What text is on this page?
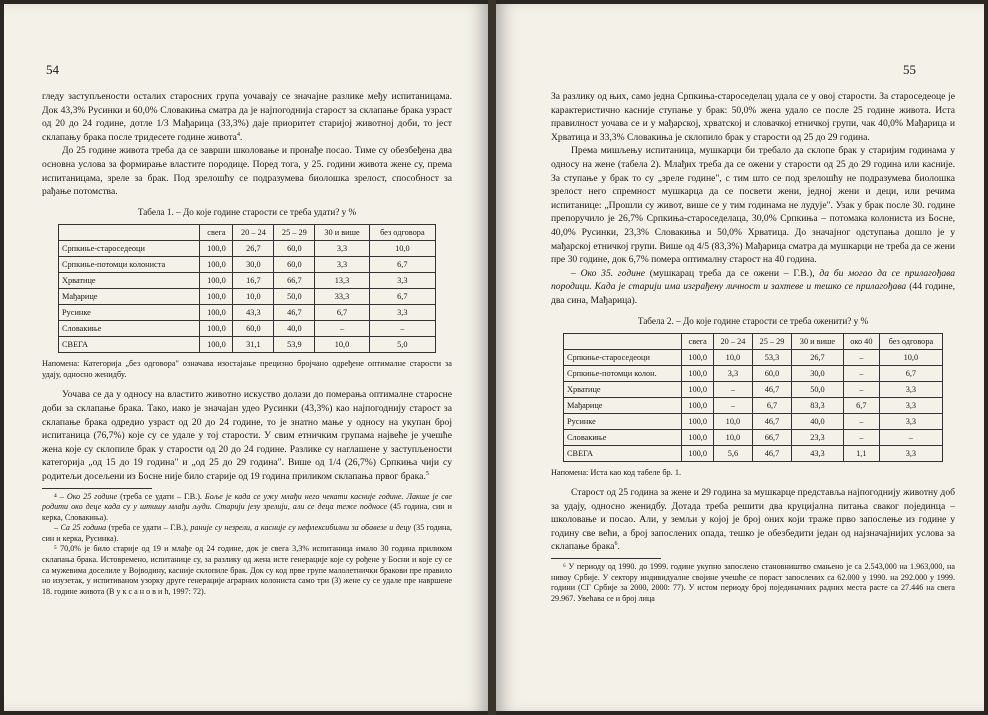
54

гледу заступљености осталих старосних група уочавају се значајне разлике међу испитаницама. Док 43,3% Русинки и 60,0% Словакиња сматра да је најпогоднија старост за склапање брака узраст од 20 до 24 године, дотле 1/3 Мађарица (33,3%) даје приоритет старијој животној доби, то јест склапању брака после тридесете године живота$^4$.

До 25 године живота треба да се заврши школовање и пронађе посао. Тиме су обезбеђена два основна услова за формирање властите породице. Поред тога, у 25. години живота жене су, према испитаницама, зреле за брак. Под зрелошћу се подразумева биолошка зрелост, способност за рађање потомства.

Табела 1. – До које године старости се треба удати? у %
	свега	20 – 24	25 – 29	30 и више	без одговора
Српкиње-староседеоци	100,0	26,7	60,0	3,3	10,0
Српкиње-потомци колониста	100,0	30,0	60,0	3,3	6,7
Хрватице	100,0	16,7	66,7	13,3	3,3
Мађарице	100,0	10,0	50,0	33,3	6,7
Русинке	100,0	43,3	46,7	6,7	3,3
Словакиње	100,0	60,0	40,0	–	–
СВЕГА	100,0	31,1	53,9	10,0	5,0
Напомена: Категорија „без одговора" означава изостајање прецизно бројчано одређене оптималне старости за удају, односно женидбу.

Уочава се да у односу на властито животно искуство долази до померања оптималне старосне доби за склапање брака. Тако, иако је значајан удео Русинки (43,3%) као најпогоднију старост за склапање брака одредио узраст од 20 до 24 године, то је знатно мање у односу на укупан број испитаница (76,7%) које су се удале у тој старости. У свим етничким групама највеће је учешће жена које су склопиле брак у старости од 20 до 24 године. Разлике су наглашене у заступљености категорија „од 15 до 19 година" и „од 25 до 29 година". Више од 1/4 (26,7%) Српкиња чији су родитељи досељени из Босне није било старије од 19 година приликом склапања првог брака.$^5$

⁴ – Око 25 године (треба се удати – Г.В.). Боље је када се ужу млађи него чекати касније године. Лакше је све родити око деце када су у штишу млађи људи. Старији језу зрелији, али се деца теже подносе (45 година, син и керка, Словакиња).

– Са 25 година (треба се удати – Г.В.), раније су незрели, а касније су нефлексибилни за обавезе и децу (35 година, син и керка, Русинка).

⁵ 70,0% је било старије од 19 и млађе од 24 године, док је свега 3,3% испитаница имало 30 година приликом склапања брака. Истовремено, испитанице су, за разлику од жена исте генерације које су рођене у Босни и које су се са мужевима доселиле у Војводину, касније склопиле брак. Док су код прве групе малолетнички бракови пре правило но изузетак, у испитиваном узорку друге генерације аграрних колониста само три (3) жене су се удале пре навршене 18. године живота (В у к с а н о в и ћ, 1997: 72).

55

За разлику од њих, само једна Српкиња-староседелац удала се у овој старости. За староседеоце је карактеристично касније ступање у брак: 50,0% жена удало се после 25 године живота. Иста правилност уочава се и у мађарској, хрватској и словачкој етничкој групи, чак 40,0% Мађарица и Хрватица и 33,3% Словакиња је склопило брак у старости од 25 до 29 година.

Према мишљењу испитаница, мушкарци би требало да склопе брак у старијим годинама у односу на жене (табела 2). Млађих треба да се ожени у старости од 25 до 29 година или касније. За ступање у брак то су „зреле године", с тим што се под зрелошћу не подразумева биолошка зрелост него спремност мушкарца да се посвети жени, једној жени и деци, или речима испитанице: „Прошли су живот, више се у тим годинама не лудује". Узак у брак после 30. године препоручило је 26,7% Српкиња-староседелаца, 30,0% Српкиња – потомака колониста из Босне, 40,0% Русинки, 23,3% Словакиња и 50,0% Хрватица. До значајног одступања дошло је у мађарској етничкој групи. Више од 4/5 (83,3%) Мађарица сматра да мушкарци не треба да се жени пре 30 године, док 6,7% помера оптималну старост на 40 година.

– Око 35. године (мушкарац треба да се ожени – Г.В.), да би могао да се прилагођава породици. Када је старији има изграђену личност и захтеве и тешко се прилагођава (44 године, два сина, Мађарица).

Табела 2. – До које године старости се треба оженити? у %
	свега	20 – 24	25 – 29	30 и више	око 40	без одговора
Српкиње-староседеоци	100,0	10,0	53,3	26,7	–	10,0
Српкиње-потомци колон.	100,0	3,3	60,0	30,0	–	6,7
Хрватице	100,0	–	46,7	50,0	–	3,3
Мађарице	100,0	–	6,7	83,3	6,7	3,3
Русинке	100,0	10,0	46,7	40,0	–	3,3
Словакиње	100,0	10,0	66,7	23,3	–	–
СВЕГА	100,0	5,6	46,7	43,3	1,1	3,3
Напомена: Иста као код табеле бр. 1.

Старост од 25 година за жене и 29 година за мушкарце представља најпогоднију животну доб за удају, односно женидбу. Дотада треба решити два круцијална питања сваког појединца – школовање и посао. Али, у земљи у којој је број оних који траже прво запослење из године у годину све већи, а број запослених опада, тешко је обезбедити један од најзначајнијих услова за склапање брака$^6$.

⁶ У периоду од 1990. до 1999. године укупно запослено становништво смањено је са 2.543,000 на 1.963,000, на нивоу Србије. У сектору индивидуалне својине учешће се пораст запослених са 62.000 у 1990. на 292.000 у 1999. години (СГ Србије за 2000, 2000: 77). У истом периоду број појединачних радних места расте са 27.446 на свега 29.967. Увећава се и број лица
